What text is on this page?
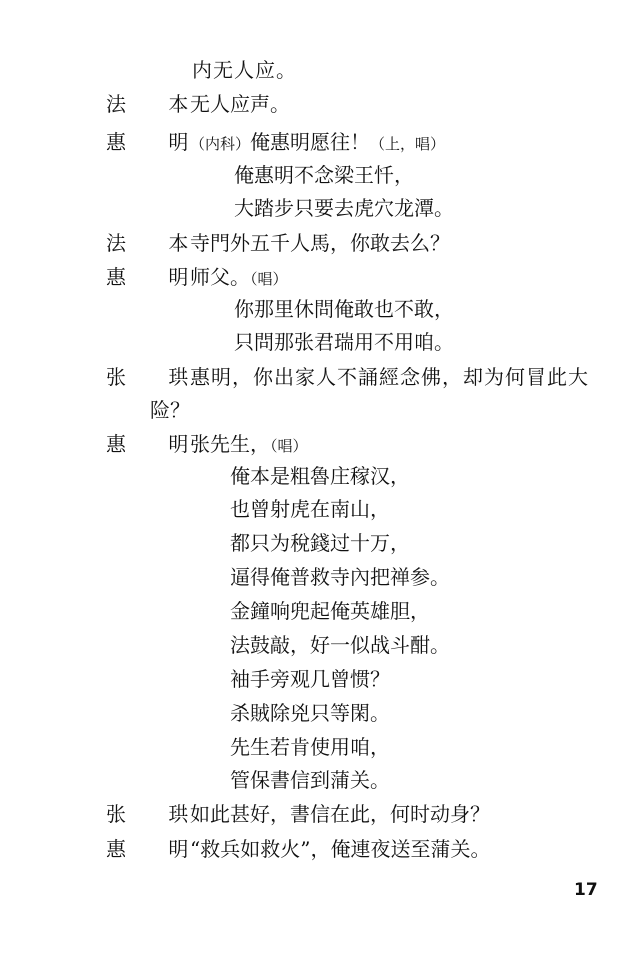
内无人应。
法 本
无人应声。
惠 明
（内科）俺惠明愿往！（上，唱）
俺惠明不念梁王忏，
大踏步只要去虎穴龙潭。
法 本
寺門外五千人馬，你敢去么？
惠 明
师父。（唱）
你那里休問俺敢也不敢，
只問那张君瑞用不用咱。
张 珙
惠明，你出家人不誦經念佛，却为何冒此大
险？
惠 明
张先生，（唱）
俺本是粗魯庄稼汉，
也曾射虎在南山，
都只为稅錢过十万，
逼得俺普救寺內把禅参。
金鐘响兜起俺英雄胆，
法鼓敲，好一似战斗酣。
袖手旁观几曾惯？
杀賊除兇只等閑。
先生若肯使用咱，
管保書信到蒲关。
张 珙
如此甚好，書信在此，何时动身？
惠 明
“救兵如救火”，俺連夜送至蒲关。
17
